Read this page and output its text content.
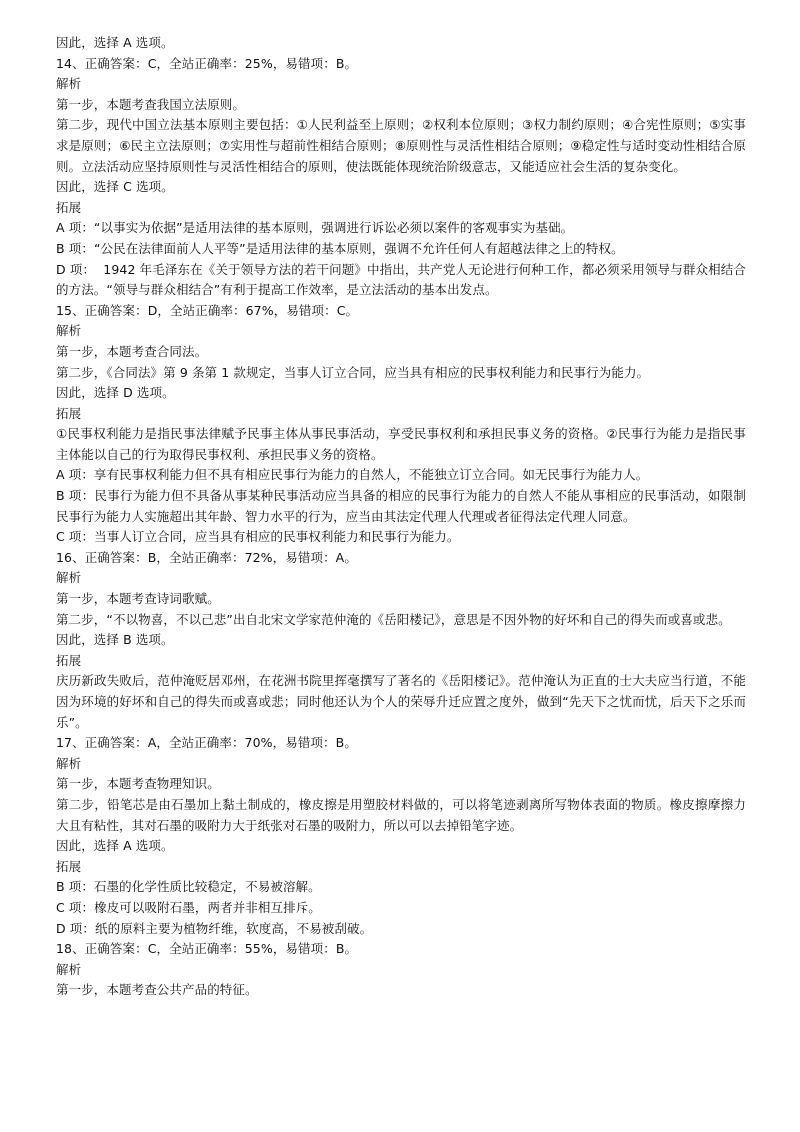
因此，选择 A 选项。
14、正确答案：C，全站正确率：25%，易错项：B。
解析
第一步，本题考查我国立法原则。
第二步，现代中国立法基本原则主要包括：①人民利益至上原则；②权利本位原则；③权力制约原则；④合宪性原则；⑤实事求是原则；⑥民主立法原则；⑦实用性与超前性相结合原则；⑧原则性与灵活性相结合原则；⑨稳定性与适时变动性相结合原则。立法活动应坚持原则性与灵活性相结合的原则，使法既能体现统治阶级意志，又能适应社会生活的复杂变化。
因此，选择 C 选项。
拓展
A 项：“以事实为依据”是适用法律的基本原则，强调进行诉讼必须以案件的客观事实为基础。
B 项：“公民在法律面前人人平等”是适用法律的基本原则，强调不允许任何人有超越法律之上的特权。
D 项：  1942 年毛泽东在《关于领导方法的若干问题》中指出，共产党人无论进行何种工作，都必须采用领导与群众相结合的方法。“领导与群众相结合”有利于提高工作效率，是立法活动的基本出发点。
15、正确答案：D，全站正确率：67%，易错项：C。
解析
第一步，本题考查合同法。
第二步，《合同法》第 9 条第 1 款规定，当事人订立合同，应当具有相应的民事权利能力和民事行为能力。
因此，选择 D 选项。
拓展
①民事权利能力是指民事法律赋予民事主体从事民事活动，享受民事权利和承担民事义务的资格。②民事行为能力是指民事主体能以自己的行为取得民事权利、承担民事义务的资格。
A 项：享有民事权利能力但不具有相应民事行为能力的自然人，不能独立订立合同。如无民事行为能力人。
B 项：民事行为能力但不具备从事某种民事活动应当具备的相应的民事行为能力的自然人不能从事相应的民事活动，如限制民事行为能力人实施超出其年龄、智力水平的行为，应当由其法定代理人代理或者征得法定代理人同意。
C 项：当事人订立合同，应当具有相应的民事权利能力和民事行为能力。
16、正确答案：B，全站正确率：72%，易错项：A。
解析
第一步，本题考查诗词歌赋。
第二步，“不以物喜，不以己悲”出自北宋文学家范仲淹的《岳阳楼记》，意思是不因外物的好坏和自己的得失而或喜或悲。
因此，选择 B 选项。
拓展
庆历新政失败后，范仲淹贬居邓州，在花洲书院里挥毫撰写了著名的《岳阳楼记》。范仲淹认为正直的士大夫应当行道，不能因为环境的好坏和自己的得失而或喜或悲；同时他还认为个人的荣辱升迁应置之度外，做到“先天下之忧而忧，后天下之乐而乐”。
17、正确答案：A，全站正确率：70%，易错项：B。
解析
第一步，本题考查物理知识。
第二步，铅笔芯是由石墨加上黏土制成的，橡皮擦是用塑胶材料做的，可以将笔迹剥离所写物体表面的物质。橡皮擦摩擦力大且有粘性，其对石墨的吸附力大于纸张对石墨的吸附力，所以可以去掉铅笔字迹。
因此，选择 A 选项。
拓展
B 项：石墨的化学性质比较稳定，不易被溶解。
C 项：橡皮可以吸附石墨，两者并非相互排斥。
D 项：纸的原料主要为植物纤维，软度高，不易被刮破。
18、正确答案：C，全站正确率：55%，易错项：B。
解析
第一步，本题考查公共产品的特征。
